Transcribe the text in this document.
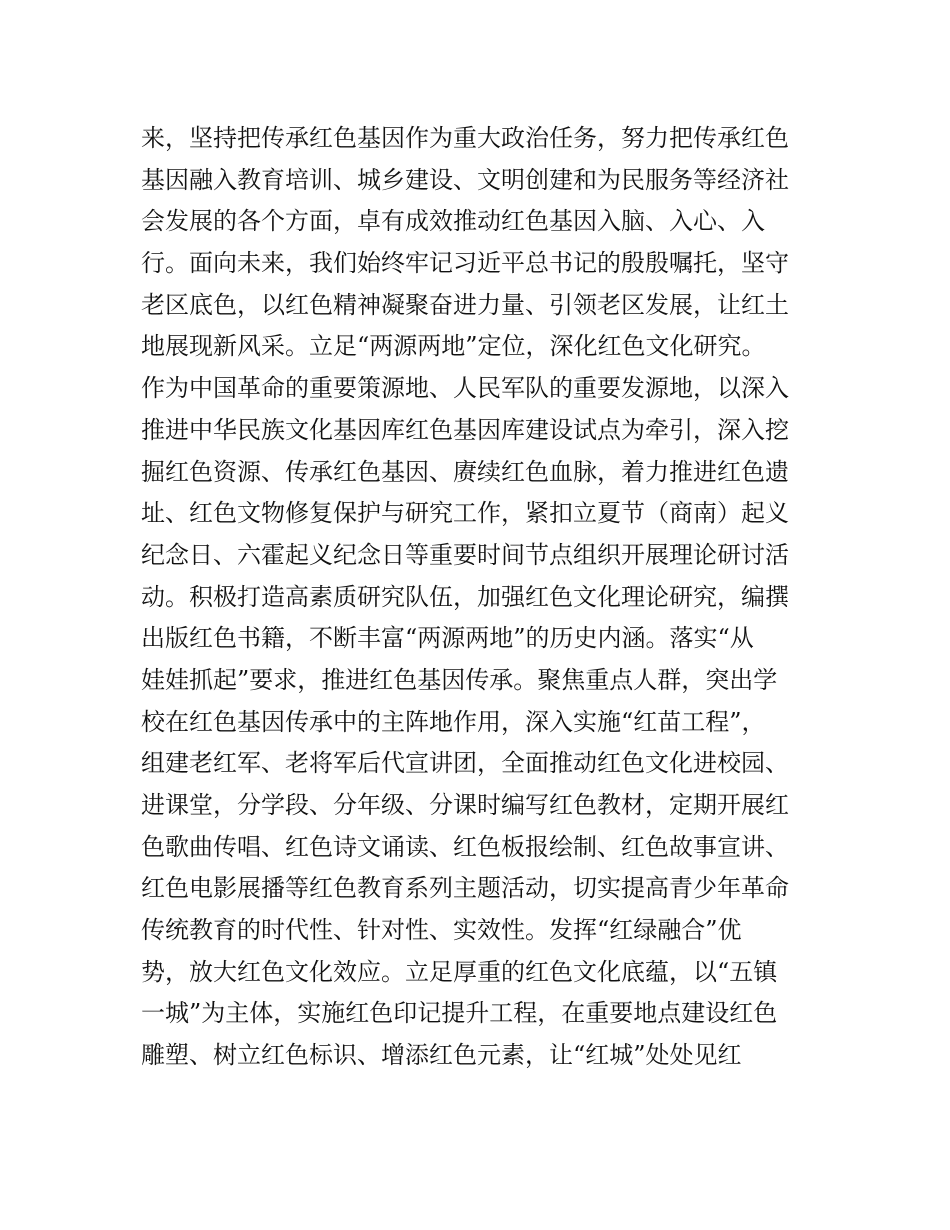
来，坚持把传承红色基因作为重大政治任务，努力把传承红色
基因融入教育培训、城乡建设、文明创建和为民服务等经济社
会发展的各个方面，卓有成效推动红色基因入脑、入心、入
行。面向未来，我们始终牢记习近平总书记的殷殷嘱托，坚守
老区底色，以红色精神凝聚奋进力量、引领老区发展，让红土
地展现新风采。立足“两源两地”定位，深化红色文化研究。
作为中国革命的重要策源地、人民军队的重要发源地，以深入
推进中华民族文化基因库红色基因库建设试点为牵引，深入挖
掘红色资源、传承红色基因、赓续红色血脉，着力推进红色遗
址、红色文物修复保护与研究工作，紧扣立夏节（商南）起义
纪念日、六霍起义纪念日等重要时间节点组织开展理论研讨活
动。积极打造高素质研究队伍，加强红色文化理论研究，编撰
出版红色书籍，不断丰富“两源两地”的历史内涵。落实“从
娃娃抓起”要求，推进红色基因传承。聚焦重点人群，突出学
校在红色基因传承中的主阵地作用，深入实施“红苗工程”，
组建老红军、老将军后代宣讲团，全面推动红色文化进校园、
进课堂，分学段、分年级、分课时编写红色教材，定期开展红
色歌曲传唱、红色诗文诵读、红色板报绘制、红色故事宣讲、
红色电影展播等红色教育系列主题活动，切实提高青少年革命
传统教育的时代性、针对性、实效性。发挥“红绿融合”优
势，放大红色文化效应。立足厚重的红色文化底蕴，以“五镇
一城”为主体，实施红色印记提升工程，在重要地点建设红色
雕塑、树立红色标识、增添红色元素，让“红城”处处见红
